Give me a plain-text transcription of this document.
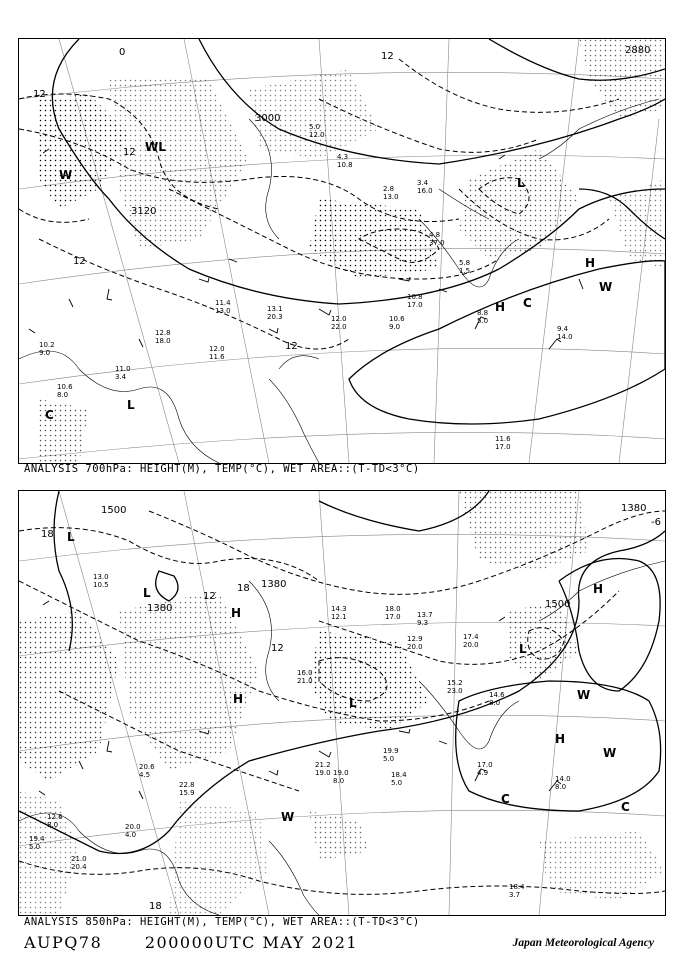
3000
3120
2880
0
12
12
12
12
12
H
H
L
L
WL
C
C
W
W
8.8
5.0
9.4
14.0
10.6
9.0
10.8
17.0
11.6
17.0
12.0
11.6
12.8
18.0
11.0
3.4
10.6
8.0
4.8
37.0
5.8
1.5
2.8
13.0
3.4
16.0
5.0
12.0
4.3
10.8
11.4
13.0	13.1
20.3	12.0
22.0
10.2
9.0
ANALYSIS 700hPa: HEIGHT(M), TEMP(°C), WET AREA::(T-TD<3°C)
1500
1380
1380
1500
1380
18
12
18
12
18
-6
H
H
H
H
L
L
L
L
C
C
W
W
W
17.0
4.9
14.0
8.0
18.4
3.7
21.2
19.0 19.0
8.0
19.9
5.0
18.4
5.0
22.8
15.9
20.0
4.0
21.0
20.4
19.4
5.0
12.6
8.0
13.0
10.5
20.6
4.5
14.6
8.0
15.2
23.0
17.4
20.0
12.9
20.0
16.0
21.0
18.0
17.0 13.7
9.3
14.3
12.1
ANALYSIS 850hPa: HEIGHT(M), TEMP(°C), WET AREA::(T-TD<3°C)
AUPQ78	200000UTC MAY 2021	Japan Meteorological Agency
